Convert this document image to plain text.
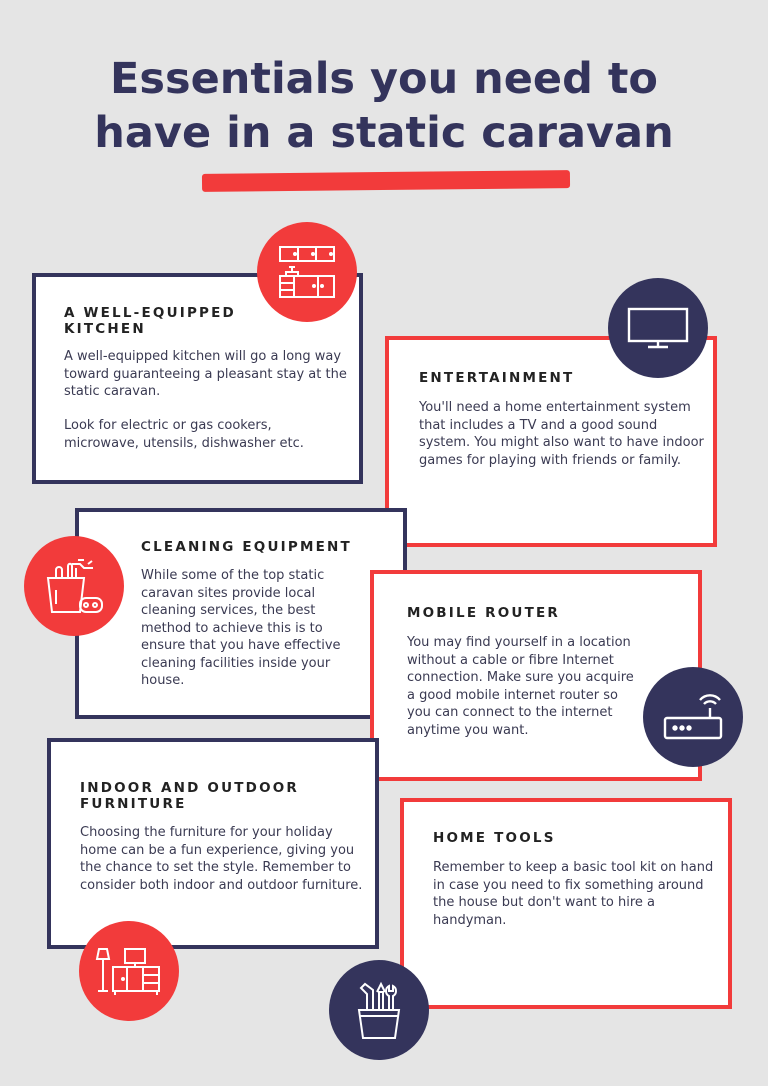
Essentials you need to
have in a static caravan
A WELL-EQUIPPED KITCHEN

A well-equipped kitchen will go a long way toward guaranteeing a pleasant stay at the static caravan.

Look for electric or gas cookers, microwave, utensils, dishwasher etc.

ENTERTAINMENT

You'll need a home entertainment system that includes a TV and a good sound system. You might also want to have indoor games for playing with friends or family.

CLEANING EQUIPMENT

While some of the top static caravan sites provide local cleaning services, the best method to achieve this is to ensure that you have effective cleaning facilities inside your house.

MOBILE ROUTER

You may find yourself in a location without a cable or fibre Internet connection. Make sure you acquire a good mobile internet router so you can connect to the internet anytime you want.

INDOOR AND OUTDOOR FURNITURE

Choosing the furniture for your holiday home can be a fun experience, giving you the chance to set the style. Remember to consider both indoor and outdoor furniture.

HOME TOOLS

Remember to keep a basic tool kit on hand in case you need to fix something around the house but don't want to hire a handyman.
